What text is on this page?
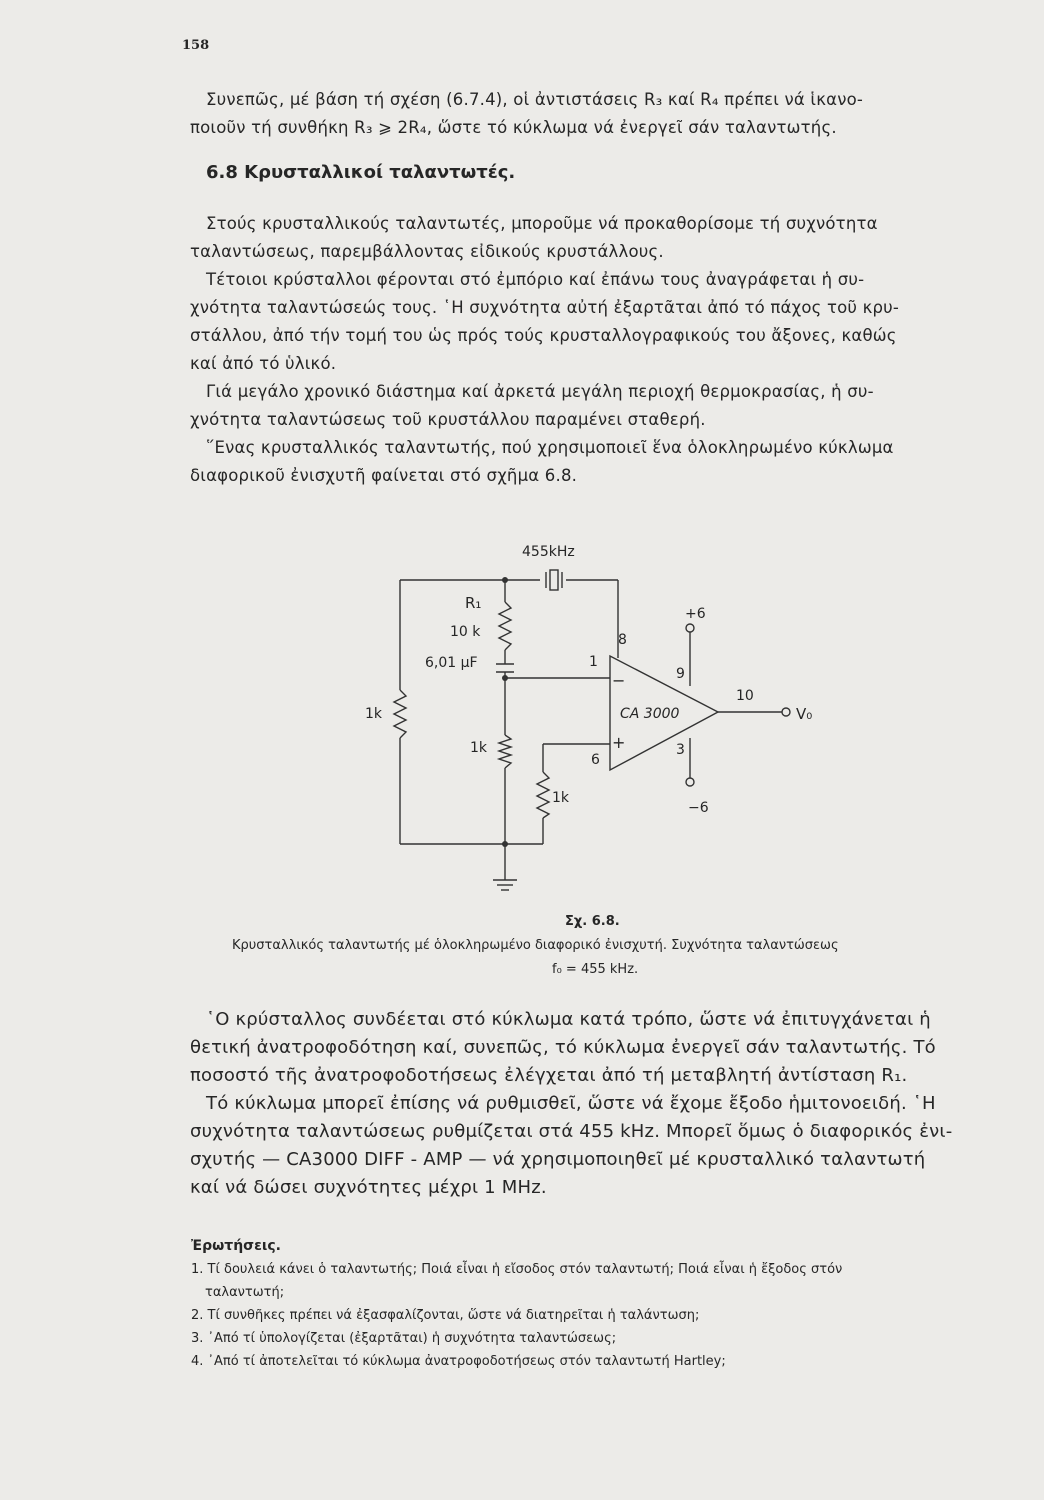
158
Συνεπῶς, μέ βάση τή σχέση (6.7.4), οἱ ἀντιστάσεις R₃ καί R₄ πρέπει νά ἱκανο-
ποιοῦν τή συνθήκη R₃ ⩾ 2R₄, ὥστε τό κύκλωμα νά ἐνεργεῖ σάν ταλαντωτής.
6.8 Κρυσταλλικοί ταλαντωτές.
Στούς κρυσταλλικούς ταλαντωτές, μποροῦμε νά προκαθορίσομε τή συχνότητα
ταλαντώσεως, παρεμβάλλοντας εἰδικούς κρυστάλλους.
Τέτοιοι κρύσταλλοι φέρονται στό ἐμπόριο καί ἐπάνω τους ἀναγράφεται ἡ συ-
χνότητα ταλαντώσεώς τους. ῾Η συχνότητα αὐτή ἐξαρτᾶται ἀπό τό πάχος τοῦ κρυ-
στάλλου, ἀπό τήν τομή του ὡς πρός τούς κρυσταλλογραφικούς του ἄξονες, καθώς
καί ἀπό τό ὑλικό.
Γιά μεγάλο χρονικό διάστημα καί ἀρκετά μεγάλη περιοχή θερμοκρασίας, ἡ συ-
χνότητα ταλαντώσεως τοῦ κρυστάλλου παραμένει σταθερή.
῞Ενας κρυσταλλικός ταλαντωτής, πού χρησιμοποιεῖ ἕνα ὁλοκληρωμένο κύκλωμα
διαφορικοῦ ἐνισχυτῆ φαίνεται στό σχῆμα 6.8.
455kHz
R₁
10 k
6,01 μF
1k
1k
1k
CA 3000
8
1
9
6
3
10
+6
−6
−
+
V₀
Σχ. 6.8.
Κρυσταλλικός ταλαντωτής μέ ὁλοκληρωμένο διαφορικό ἐνισχυτή. Συχνότητα ταλαντώσεως
f₀ = 455 kHz.
῾Ο κρύσταλλος συνδέεται στό κύκλωμα κατά τρόπο, ὥστε νά ἐπιτυγχάνεται ἡ
θετική ἀνατροφοδότηση καί, συνεπῶς, τό κύκλωμα ἐνεργεῖ σάν ταλαντωτής. Τό
ποσοστό τῆς ἀνατροφοδοτήσεως ἐλέγχεται ἀπό τή μεταβλητή ἀντίσταση R₁.
Τό κύκλωμα μπορεῖ ἐπίσης νά ρυθμισθεῖ, ὥστε νά ἔχομε ἔξοδο ἡμιτονοειδή. ῾Η
συχνότητα ταλαντώσεως ρυθμίζεται στά 455 kHz. Μπορεῖ ὅμως ὁ διαφορικός ἐνι-
σχυτής — CA3000 DIFF - AMP — νά χρησιμοποιηθεῖ μέ κρυσταλλικό ταλαντωτή
καί νά δώσει συχνότητες μέχρι 1 MHz.
Ἐρωτήσεις.
1. Τί δουλειά κάνει ὁ ταλαντωτής; Ποιά εἶναι ἡ εἴσοδος στόν ταλαντωτή; Ποιά εἶναι ἡ ἔξοδος στόν
ταλαντωτή;
2. Τί συνθῆκες πρέπει νά ἐξασφαλίζονται, ὥστε νά διατηρεῖται ἡ ταλάντωση;
3. ᾿Από τί ὑπολογίζεται (ἐξαρτᾶται) ἡ συχνότητα ταλαντώσεως;
4. ᾿Από τί ἀποτελεῖται τό κύκλωμα ἀνατροφοδοτήσεως στόν ταλαντωτή Hartley;
